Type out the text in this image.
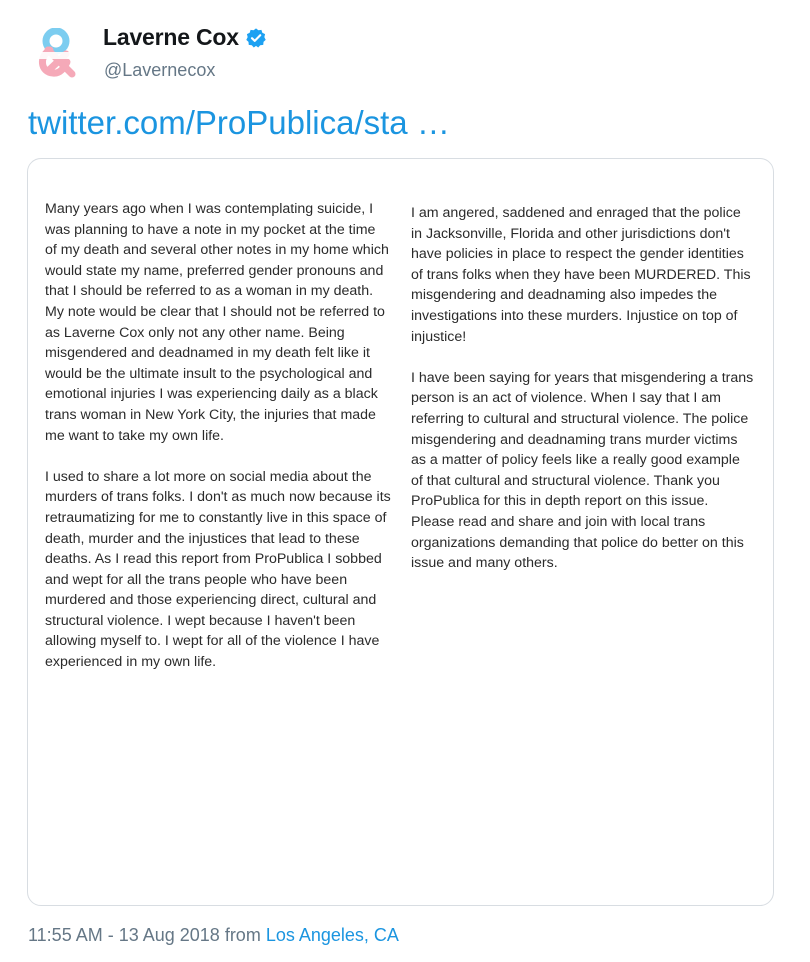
Laverne Cox
@Lavernecox
twitter.com/ProPublica/sta …

Many years ago when I was contemplating suicide, I was planning to have a note in my pocket at the time of my death and several other notes in my home which would state my name, preferred gender pronouns and that I should be referred to as a woman in my death. My note would be clear that I should not be referred to as Laverne Cox only not any other name. Being misgendered and deadnamed in my death felt like it would be the ultimate insult to the psychological and emotional injuries I was experiencing daily as a black trans woman in New York City, the injuries that made me want to take my own life.

I used to share a lot more on social media about the murders of trans folks. I don't as much now because its retraumatizing for me to constantly live in this space of death, murder and the injustices that lead to these deaths. As I read this report from ProPublica I sobbed and wept for all the trans people who have been murdered and those experiencing direct, cultural and structural violence. I wept because I haven't been allowing myself to. I wept for all of the violence I have experienced in my own life.

I am angered, saddened and enraged that the police in Jacksonville, Florida and other jurisdictions don't have policies in place to respect the gender identities of trans folks when they have been MURDERED. This misgendering and deadnaming also impedes the investigations into these murders. Injustice on top of injustice!

I have been saying for years that misgendering a trans person is an act of violence. When I say that I am referring to cultural and structural violence. The police misgendering and deadnaming trans murder victims as a matter of policy feels like a really good example of that cultural and structural violence. Thank you ProPublica for this in depth report on this issue. Please read and share and join with local trans organizations demanding that police do better on this issue and many others.

11:55 AM - 13 Aug 2018 from Los Angeles, CA
